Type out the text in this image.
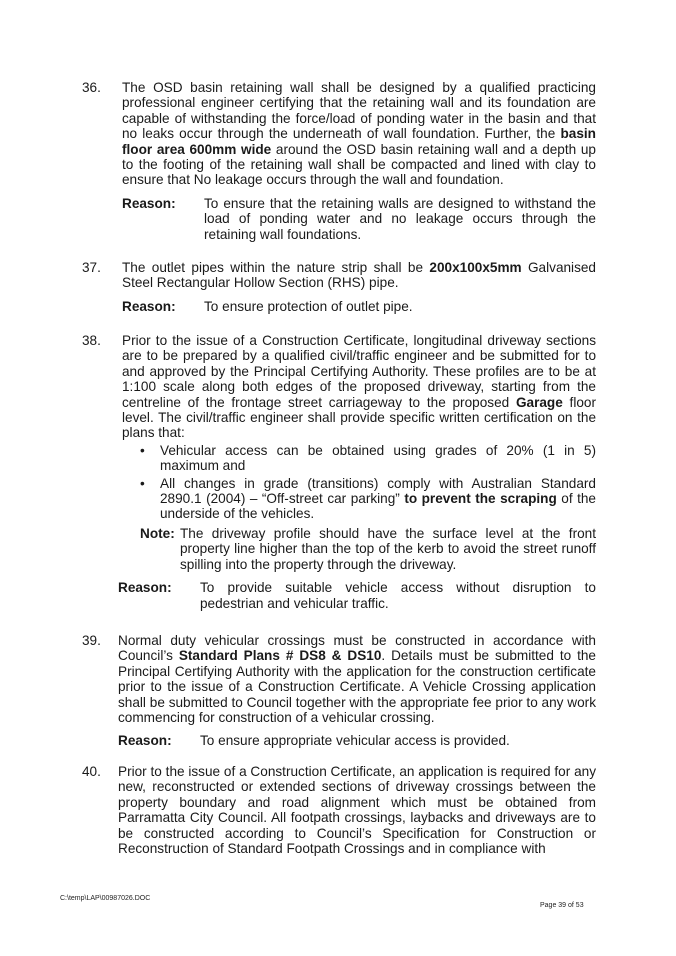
36.	The OSD basin retaining wall shall be designed by a qualified practicing professional engineer certifying that the retaining wall and its foundation are capable of withstanding the force/load of ponding water in the basin and that no leaks occur through the underneath of wall foundation. Further, the basin floor area 600mm wide around the OSD basin retaining wall and a depth up to the footing of the retaining wall shall be compacted and lined with clay to ensure that No leakage occurs through the wall and foundation.
Reason: To ensure that the retaining walls are designed to withstand the load of ponding water and no leakage occurs through the retaining wall foundations.
37.	The outlet pipes within the nature strip shall be 200x100x5mm Galvanised Steel Rectangular Hollow Section (RHS) pipe.
Reason: To ensure protection of outlet pipe.
38.	Prior to the issue of a Construction Certificate, longitudinal driveway sections are to be prepared by a qualified civil/traffic engineer and be submitted for to and approved by the Principal Certifying Authority. These profiles are to be at 1:100 scale along both edges of the proposed driveway, starting from the centreline of the frontage street carriageway to the proposed Garage floor level. The civil/traffic engineer shall provide specific written certification on the plans that:
• Vehicular access can be obtained using grades of 20% (1 in 5) maximum and
• All changes in grade (transitions) comply with Australian Standard 2890.1 (2004) – “Off-street car parking” to prevent the scraping of the underside of the vehicles.
Note: The driveway profile should have the surface level at the front property line higher than the top of the kerb to avoid the street runoff spilling into the property through the driveway.
Reason: To provide suitable vehicle access without disruption to pedestrian and vehicular traffic.
39.	Normal duty vehicular crossings must be constructed in accordance with Council’s Standard Plans # DS8 & DS10. Details must be submitted to the Principal Certifying Authority with the application for the construction certificate prior to the issue of a Construction Certificate. A Vehicle Crossing application shall be submitted to Council together with the appropriate fee prior to any work commencing for construction of a vehicular crossing.
Reason: To ensure appropriate vehicular access is provided.
40.	Prior to the issue of a Construction Certificate, an application is required for any new, reconstructed or extended sections of driveway crossings between the property boundary and road alignment which must be obtained from Parramatta City Council. All footpath crossings, laybacks and driveways are to be constructed according to Council’s Specification for Construction or Reconstruction of Standard Footpath Crossings and in compliance with
C:\temp\LAP\00987026.DOC
Page 39 of 53
